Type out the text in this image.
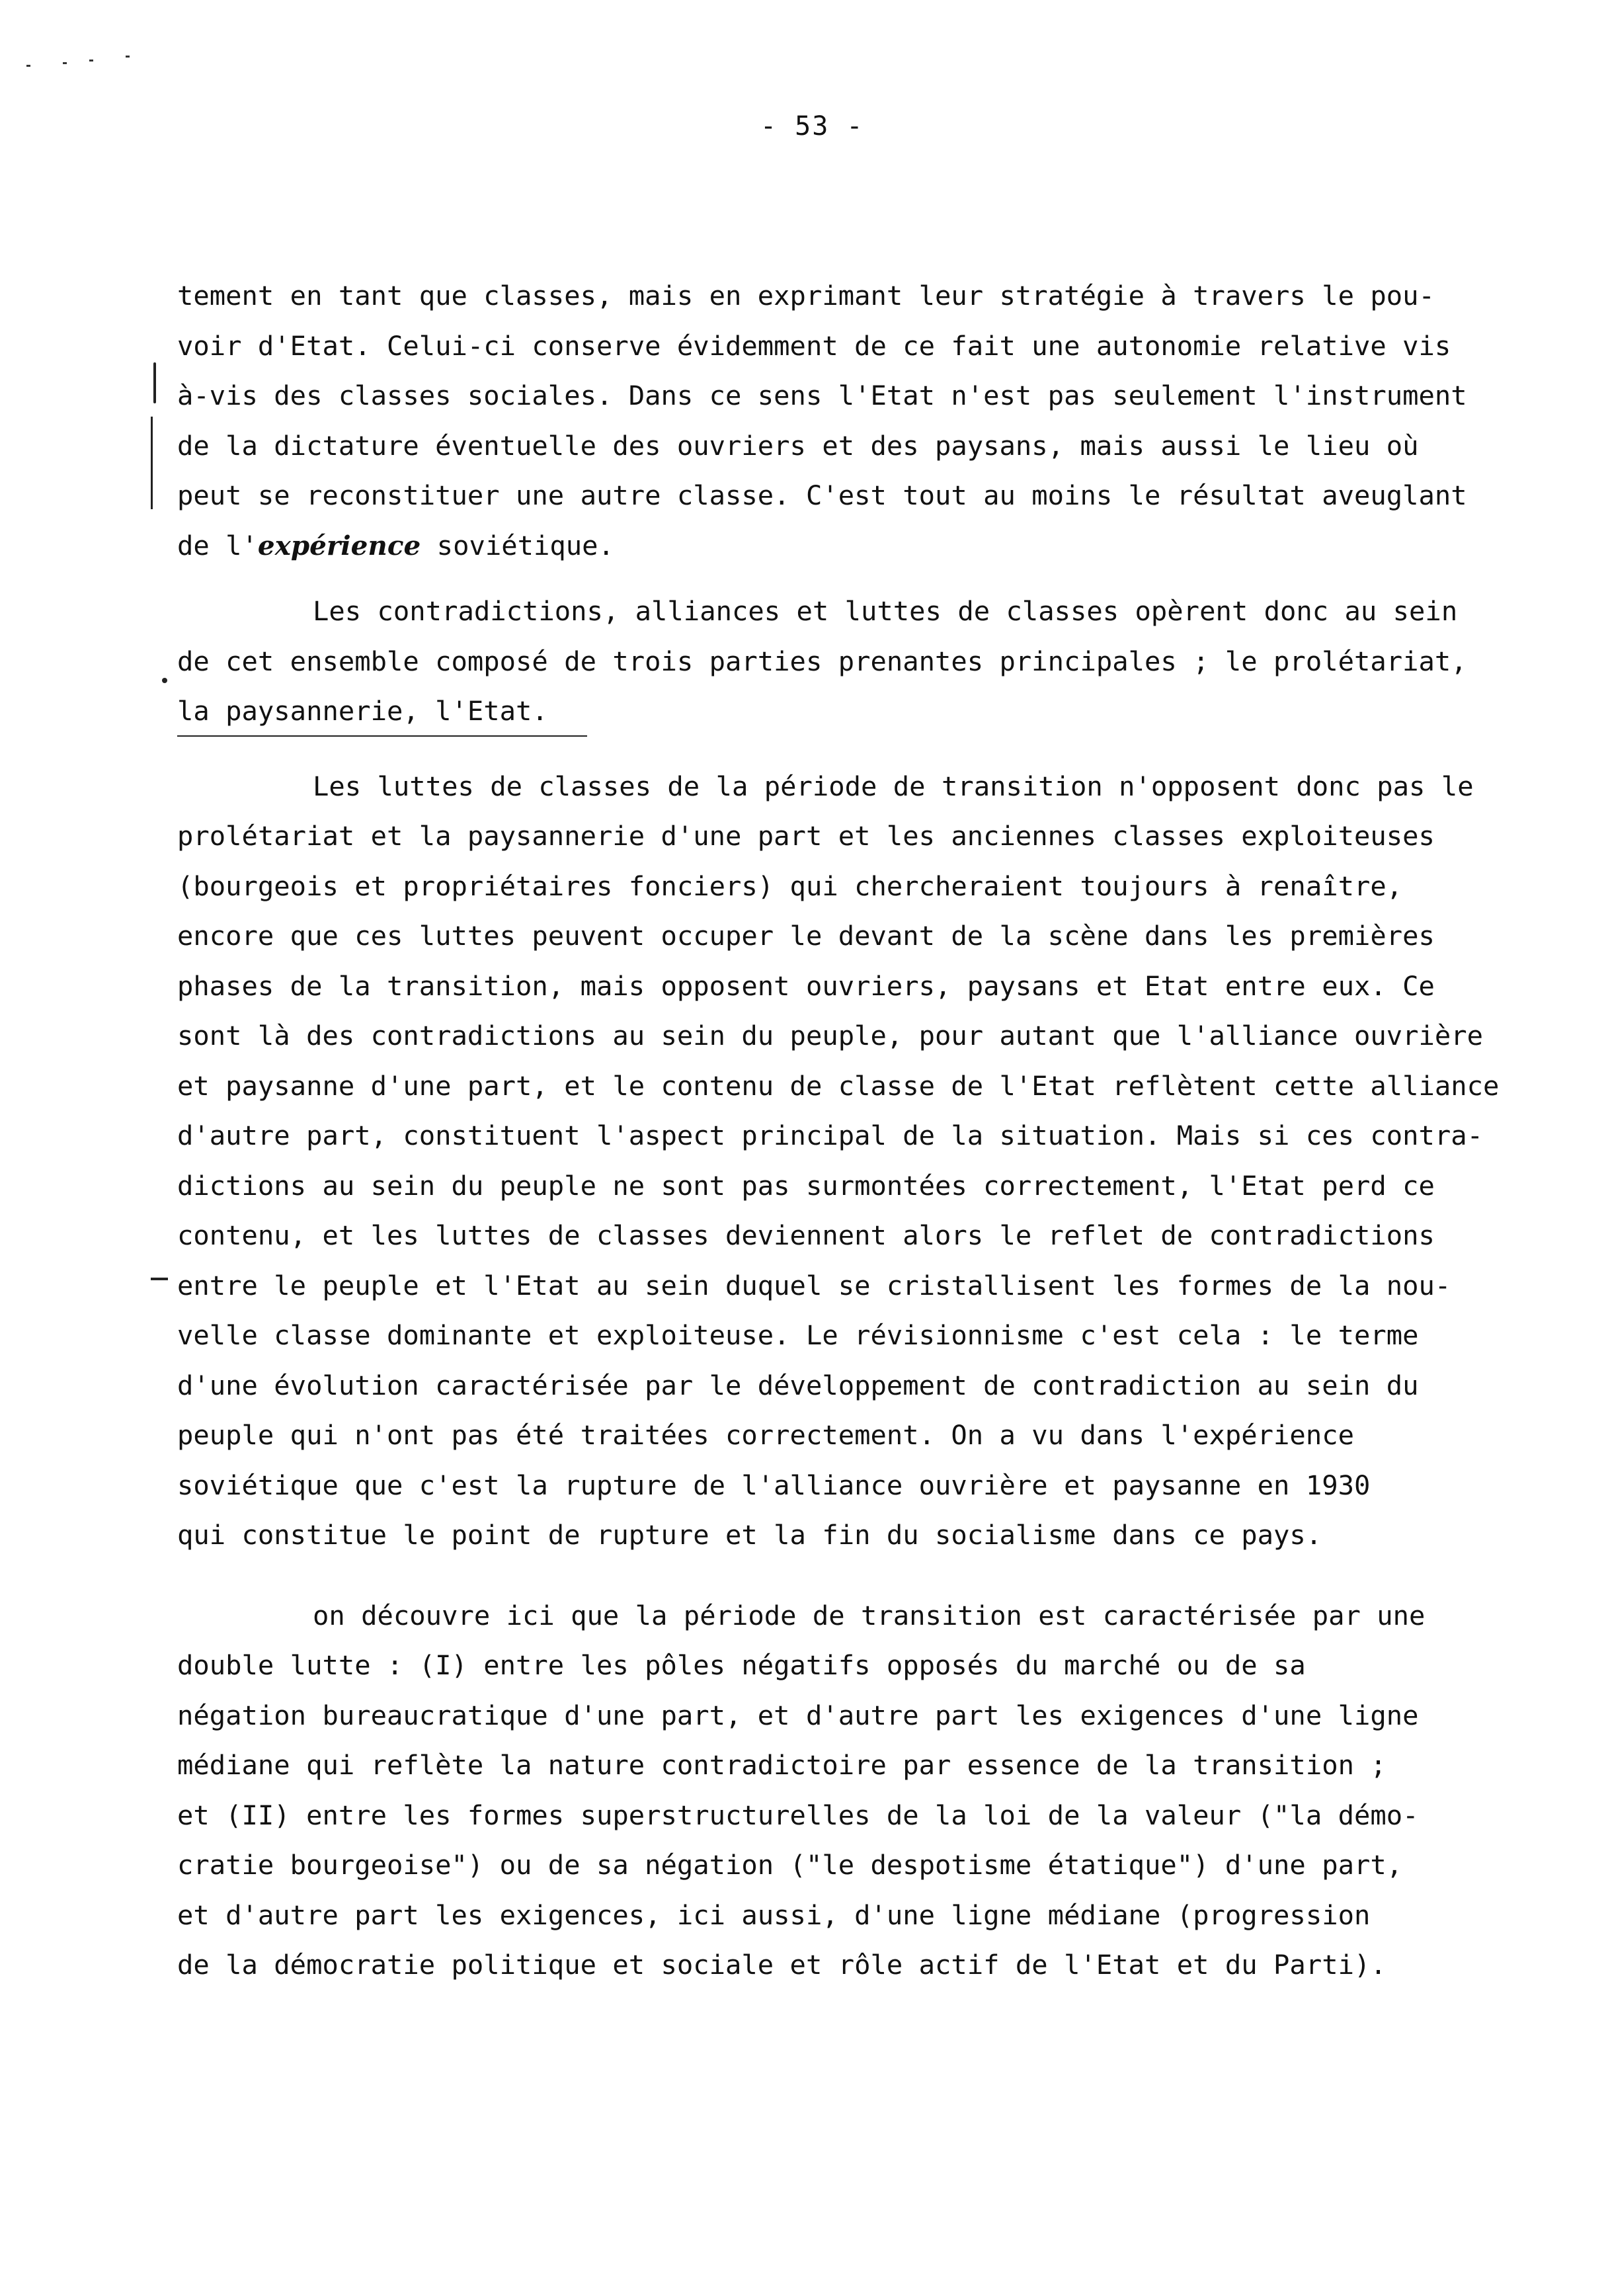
- 53 -

tement en tant que classes, mais en exprimant leur stratégie à travers le pou-
voir d'Etat. Celui-ci conserve évidemment de ce fait une autonomie relative vis
à-vis des classes sociales. Dans ce sens l'Etat n'est pas seulement l'instrument
de la dictature éventuelle des ouvriers et des paysans, mais aussi le lieu où
peut se reconstituer une autre classe. C'est tout au moins le résultat aveuglant
de l'expérience soviétique.

Les contradictions, alliances et luttes de classes opèrent donc au sein
de cet ensemble composé de trois parties prenantes principales ; le prolétariat,
la paysannerie, l'Etat.

Les luttes de classes de la période de transition n'opposent donc pas le
prolétariat et la paysannerie d'une part et les anciennes classes exploiteuses
(bourgeois et propriétaires fonciers) qui chercheraient toujours à renaître,
encore que ces luttes peuvent occuper le devant de la scène dans les premières
phases de la transition, mais opposent ouvriers, paysans et Etat entre eux. Ce
sont là des contradictions au sein du peuple, pour autant que l'alliance ouvrière
et paysanne d'une part, et le contenu de classe de l'Etat reflètent cette alliance
d'autre part, constituent l'aspect principal de la situation. Mais si ces contra-
dictions au sein du peuple ne sont pas surmontées correctement, l'Etat perd ce
contenu, et les luttes de classes deviennent alors le reflet de contradictions
entre le peuple et l'Etat au sein duquel se cristallisent les formes de la nou-
velle classe dominante et exploiteuse. Le révisionnisme c'est cela : le terme
d'une évolution caractérisée par le développement de contradiction au sein du
peuple qui n'ont pas été traitées correctement. On a vu dans l'expérience
soviétique que c'est la rupture de l'alliance ouvrière et paysanne en 1930
qui constitue le point de rupture et la fin du socialisme dans ce pays.

on découvre ici que la période de transition est caractérisée par une
double lutte : (I) entre les pôles négatifs opposés du marché ou de sa
négation bureaucratique d'une part, et d'autre part les exigences d'une ligne
médiane qui reflète la nature contradictoire par essence de la transition ;
et (II) entre les formes superstructurelles de la loi de la valeur ("la démo-
cratie bourgeoise") ou de sa négation ("le despotisme étatique") d'une part,
et d'autre part les exigences, ici aussi, d'une ligne médiane (progression
de la démocratie politique et sociale et rôle actif de l'Etat et du Parti).
